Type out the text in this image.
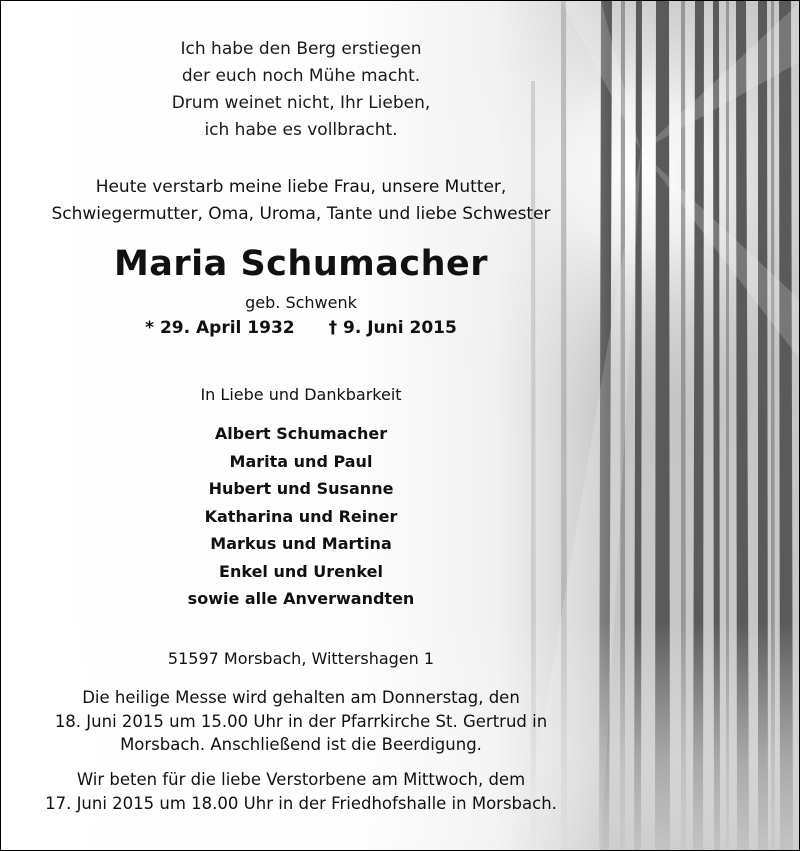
Ich habe den Berg erstiegen
der euch noch Mühe macht.
Drum weinet nicht, Ihr Lieben,
ich habe es vollbracht.
Heute verstarb meine liebe Frau, unsere Mutter,
Schwiegermutter, Oma, Uroma, Tante und liebe Schwester
Maria Schumacher
geb. Schwenk
* 29. April 1932 † 9. Juni 2015
In Liebe und Dankbarkeit
Albert Schumacher
Marita und Paul
Hubert und Susanne
Katharina und Reiner
Markus und Martina
Enkel und Urenkel
sowie alle Anverwandten
51597 Morsbach, Wittershagen 1
Die heilige Messe wird gehalten am Donnerstag, den
18. Juni 2015 um 15.00 Uhr in der Pfarrkirche St. Gertrud in
Morsbach. Anschließend ist die Beerdigung.
Wir beten für die liebe Verstorbene am Mittwoch, dem
17. Juni 2015 um 18.00 Uhr in der Friedhofshalle in Morsbach.
